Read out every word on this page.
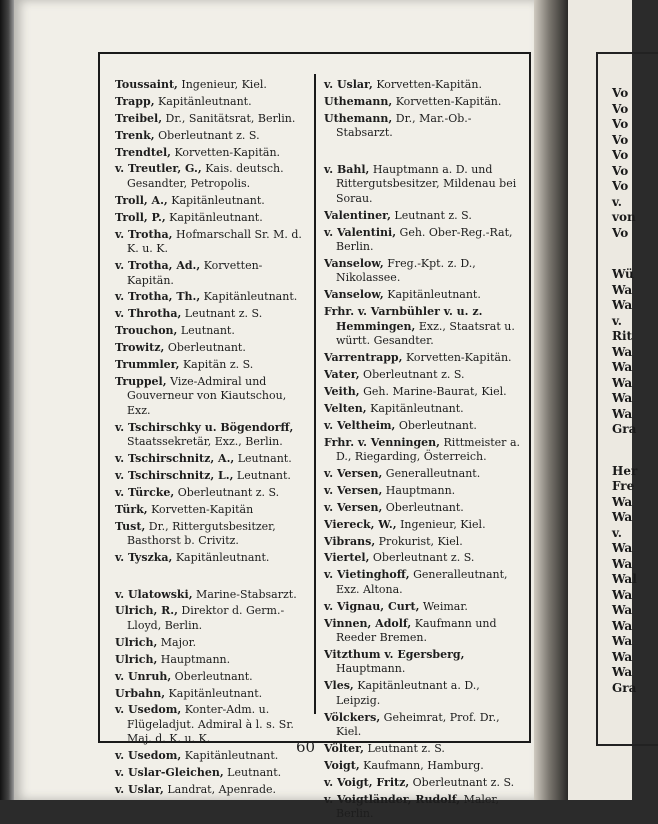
Toussaint, Ingenieur, Kiel.
Trapp, Kapitänleutnant.
Treibel, Dr., Sanitätsrat, Berlin.
Trenk, Oberleutnant z. S.
Trendtel, Korvetten-Kapitän.
v. Treutler, G., Kais. deutsch. Gesandter, Petropolis.
Troll, A., Kapitänleutnant.
Troll, P., Kapitänleutnant.
v. Trotha, Hofmarschall Sr. M. d. K. u. K.
v. Trotha, Ad., Korvetten-Kapitän.
v. Trotha, Th., Kapitänleutnant.
v. Throtha, Leutnant z. S.
Trouchon, Leutnant.
Trowitz, Oberleutnant.
Trummler, Kapitän z. S.
Truppel, Vize-Admiral und Gouverneur von Kiautschou, Exz.
v. Tschirschky u. Bögendorff, Staatssekretär, Exz., Berlin.
v. Tschirschnitz, A., Leutnant.
v. Tschirschnitz, L., Leutnant.
v. Türcke, Oberleutnant z. S.
Türk, Korvetten-Kapitän
Tust, Dr., Rittergutsbesitzer, Basthorst b. Crivitz.
v. Tyszka, Kapitänleutnant.
v. Ulatowski, Marine-Stabsarzt.
Ulrich, R., Direktor d. Germ.-Lloyd, Berlin.
Ulrich, Major.
Ulrich, Hauptmann.
v. Unruh, Oberleutnant.
Urbahn, Kapitänleutnant.
v. Usedom, Konter-Adm. u. Flügeladjut. Admiral à l. s. Sr. Maj. d. K. u. K.
v. Usedom, Kapitänleutnant.
v. Uslar-Gleichen, Leutnant.
v. Uslar, Landrat, Apenrade.
v. Uslar, Korvetten-Kapitän.
Uthemann, Korvetten-Kapitän.
Uthemann, Dr., Mar.-Ob.-Stabsarzt.
v. Bahl, Hauptmann a. D. und Rittergutsbesitzer, Mildenau bei Sorau.
Valentiner, Leutnant z. S.
v. Valentini, Geh. Ober-Reg.-Rat, Berlin.
Vanselow, Freg.-Kpt. z. D., Nikolassee.
Vanselow, Kapitänleutnant.
Frhr. v. Varnbühler v. u. z. Hemmingen, Exz., Staatsrat u. württ. Gesandter.
Varrentrapp, Korvetten-Kapitän.
Vater, Oberleutnant z. S.
Veith, Geh. Marine-Baurat, Kiel.
Velten, Kapitänleutnant.
v. Veltheim, Oberleutnant.
Frhr. v. Venningen, Rittmeister a. D., Riegarding, Österreich.
v. Versen, Generalleutnant.
v. Versen, Hauptmann.
v. Versen, Oberleutnant.
Viereck, W., Ingenieur, Kiel.
Vibrans, Prokurist, Kiel.
Viertel, Oberleutnant z. S.
v. Vietinghoff, Generalleutnant, Exz. Altona.
v. Vignau, Curt, Weimar.
Vinnen, Adolf, Kaufmann und Reeder Bremen.
Vitzthum v. Egersberg, Hauptmann.
Vles, Kapitänleutnant a. D., Leipzig.
Völckers, Geheimrat, Prof. Dr., Kiel.
Völter, Leutnant z. S.
Voigt, Kaufmann, Hamburg.
v. Voigt, Fritz, Oberleutnant z. S.
v. Voigtländer, Rudolf, Maler, Berlin.
60
Vo
Vo
Vo
Vo
Vo
Vo
Vo
v.
von
Vo
Wü
Wa
Wa
v.
Rit
Wa
Wa
Wa
Wa
Wa
Gra
Her
Fre
Wa
Wa
v.
Wa
Wa
Wal
Wa
Wa
Wa
Wa
Wa
Wa
Gra
